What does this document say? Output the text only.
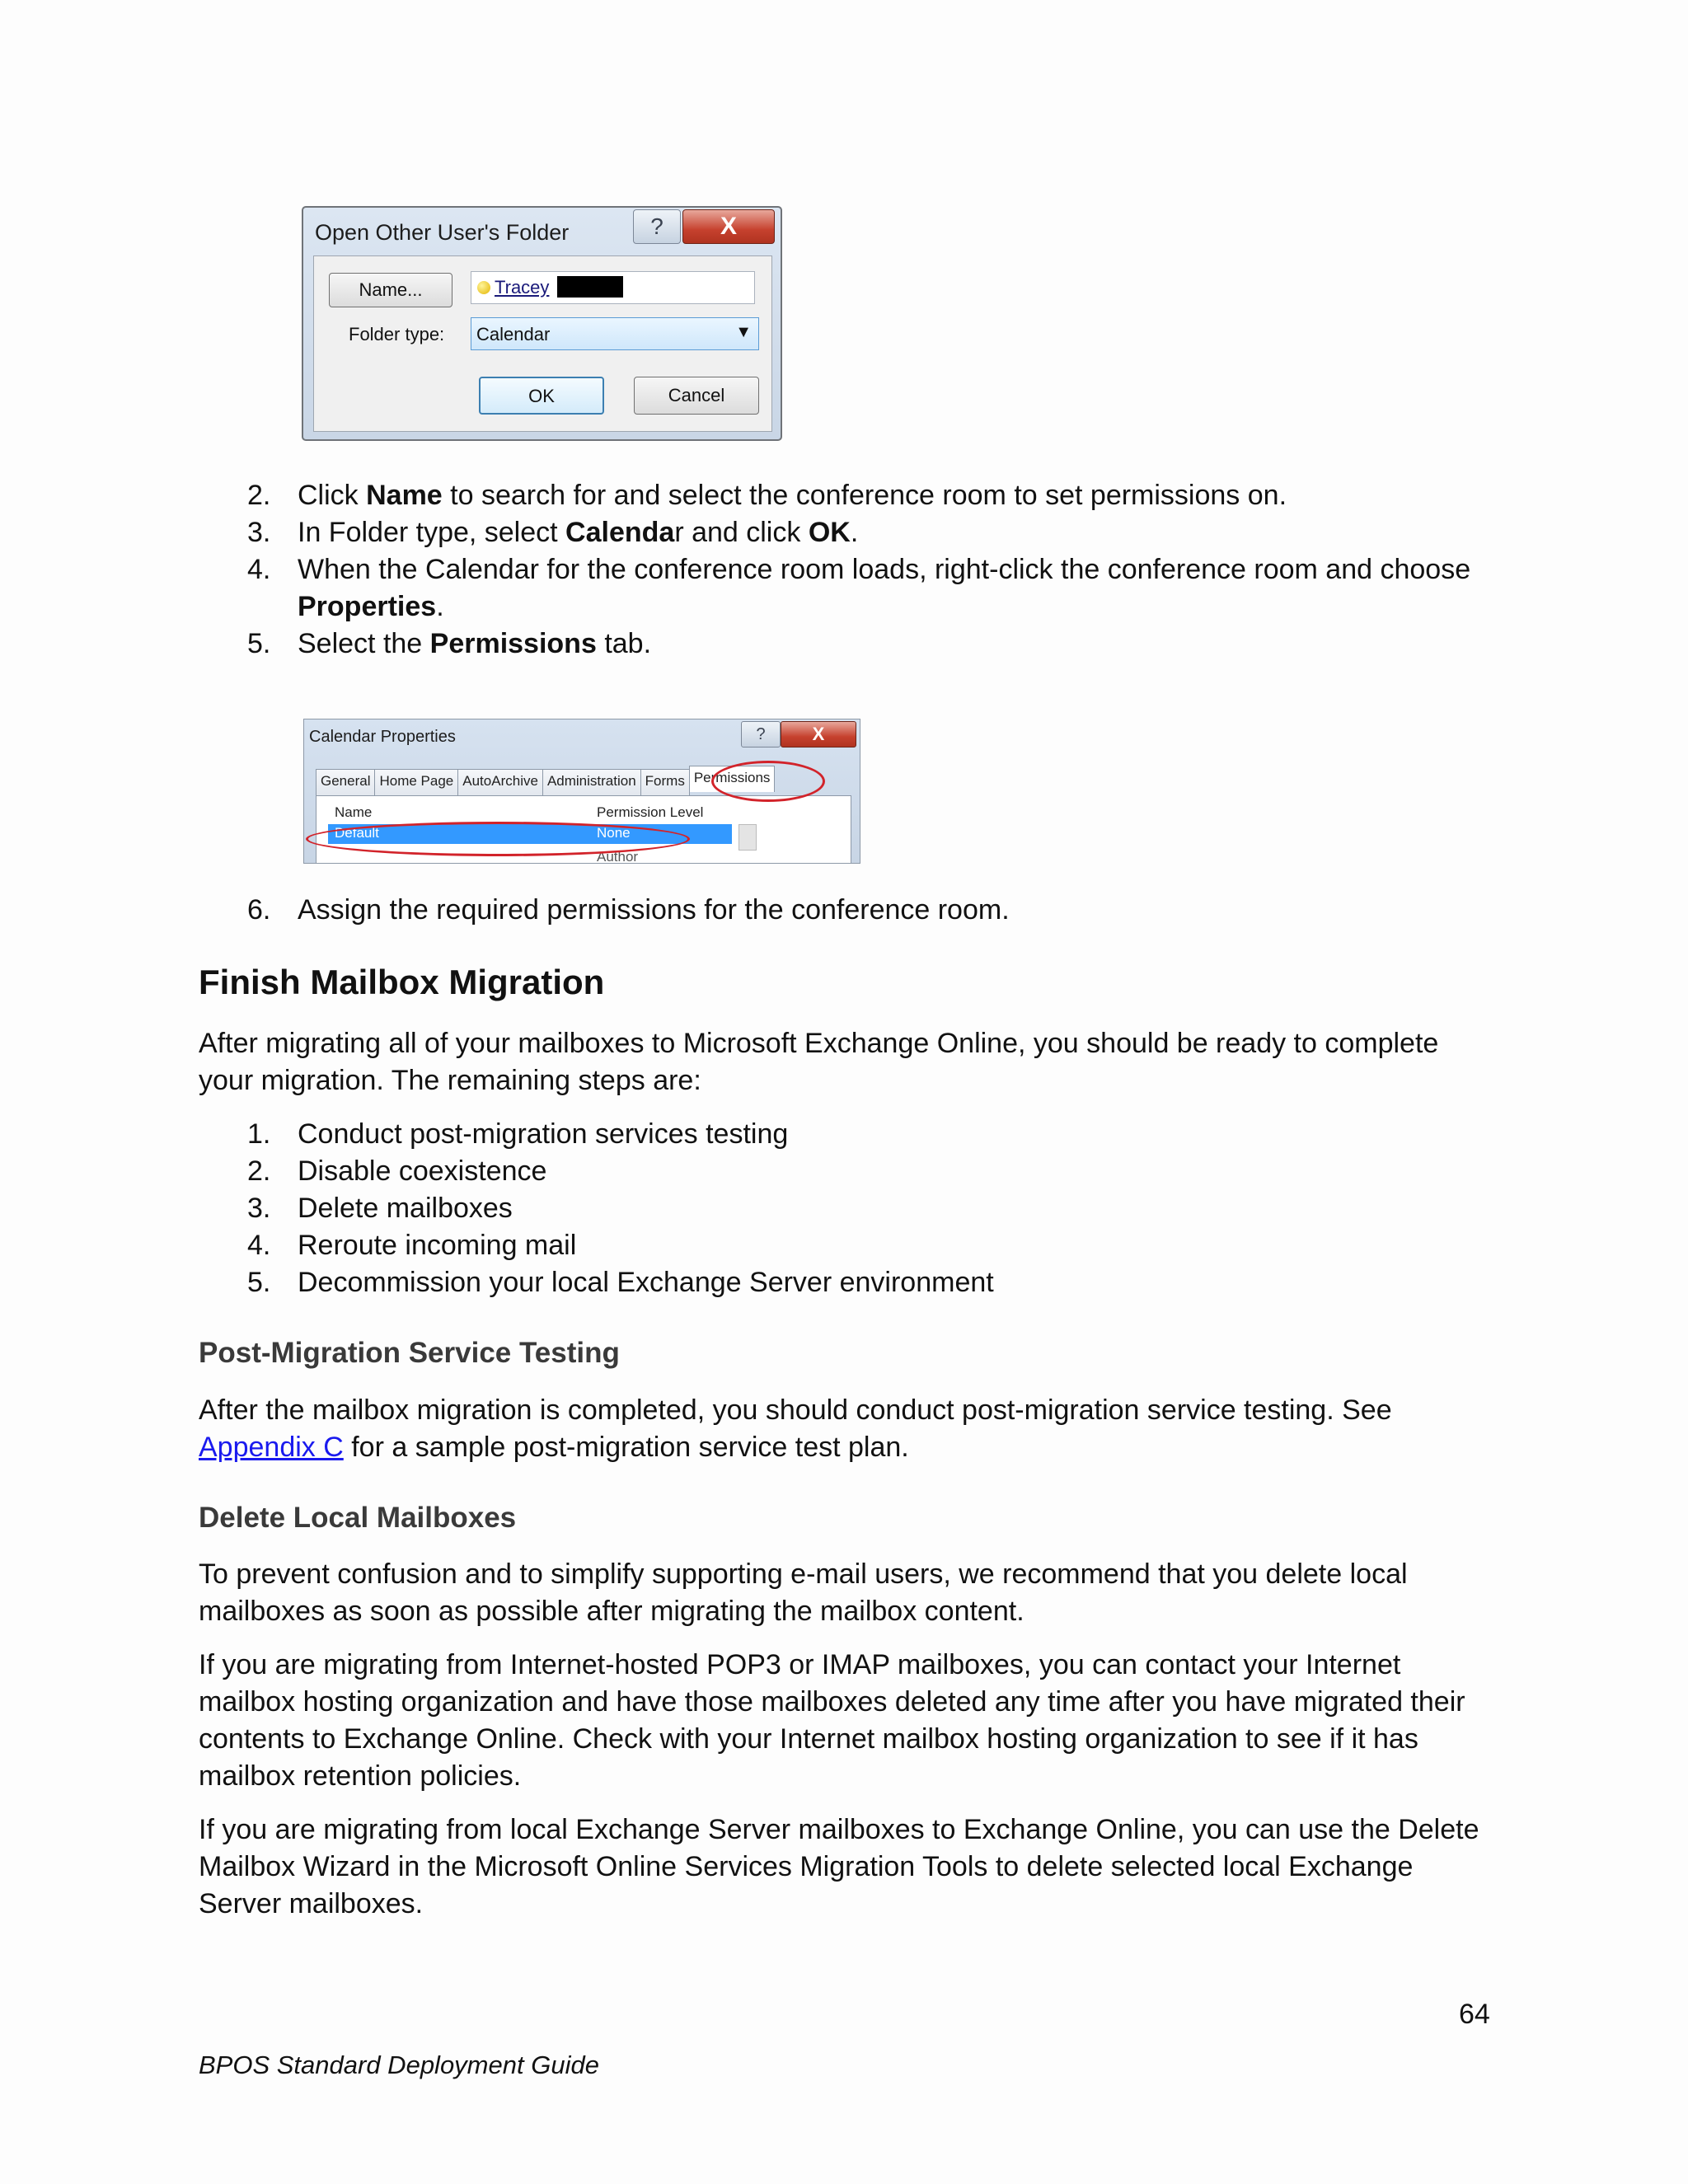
Open Other User's Folder	?	X
Name...	Tracey
Folder type: Calendar	▼
OK	Cancel
2. Click Name to search for and select the conference room to set permissions on.
3. In Folder type, select Calendar and click OK.
4. When the Calendar for the conference room loads, right-click the conference room and choose
Properties.
5. Select the Permissions tab.
Calendar Properties	?	X
General Home Page AutoArchive Administration Forms Permissions
Name	Permission Level
Default	None
Author
6. Assign the required permissions for the conference room.
Finish Mailbox Migration
After migrating all of your mailboxes to Microsoft Exchange Online, you should be ready to complete
your migration. The remaining steps are:
1. Conduct post-migration services testing
2. Disable coexistence
3. Delete mailboxes
4. Reroute incoming mail
5. Decommission your local Exchange Server environment
Post-Migration Service Testing
After the mailbox migration is completed, you should conduct post-migration service testing. See
Appendix C for a sample post-migration service test plan.
Delete Local Mailboxes
To prevent confusion and to simplify supporting e-mail users, we recommend that you delete local
mailboxes as soon as possible after migrating the mailbox content.
If you are migrating from Internet-hosted POP3 or IMAP mailboxes, you can contact your Internet
mailbox hosting organization and have those mailboxes deleted any time after you have migrated their
contents to Exchange Online. Check with your Internet mailbox hosting organization to see if it has
mailbox retention policies.
If you are migrating from local Exchange Server mailboxes to Exchange Online, you can use the Delete
Mailbox Wizard in the Microsoft Online Services Migration Tools to delete selected local Exchange
Server mailboxes.
64
BPOS Standard Deployment Guide
